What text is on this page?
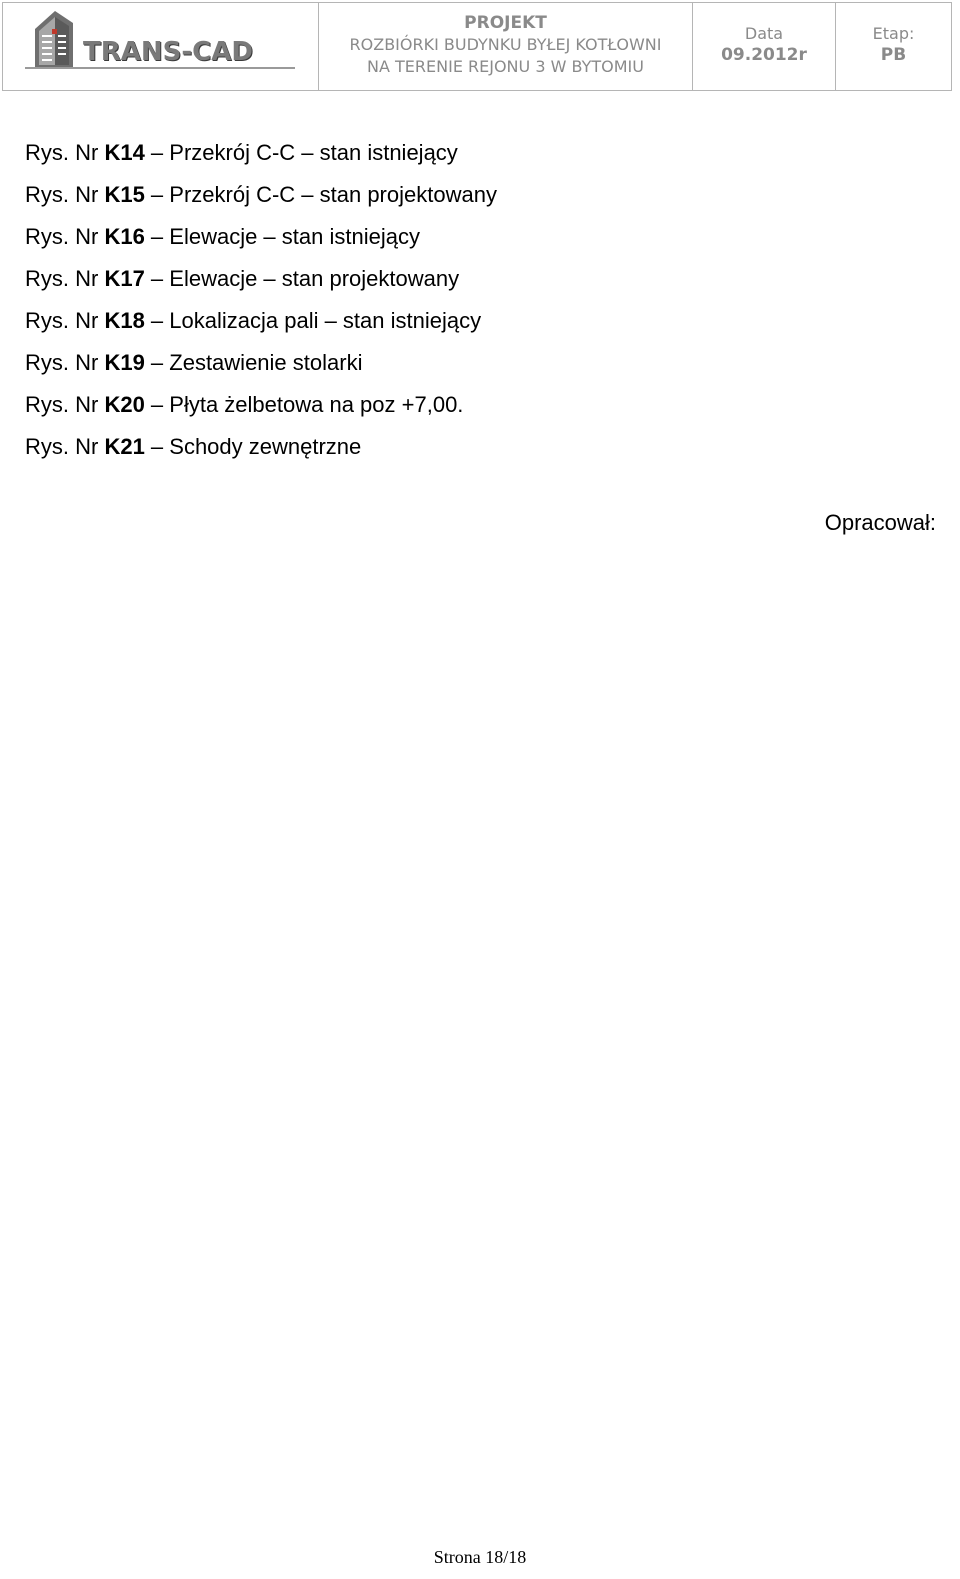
TRANS-CAD
PROJEKT
ROZBIÓRKI BUDYNKU BYŁEJ KOTŁOWNI
NA TERENIE REJONU 3 W BYTOMIU
Data
09.2012r
Etap:
PB
Rys. Nr K14 – Przekrój C-C – stan istniejący
Rys. Nr K15 – Przekrój C-C – stan projektowany
Rys. Nr K16 – Elewacje – stan istniejący
Rys. Nr K17 – Elewacje – stan projektowany
Rys. Nr K18 – Lokalizacja pali – stan istniejący
Rys. Nr K19 – Zestawienie stolarki
Rys. Nr K20 – Płyta żelbetowa na poz +7,00.
Rys. Nr K21 – Schody zewnętrzne
Opracował:
Strona 18/18
